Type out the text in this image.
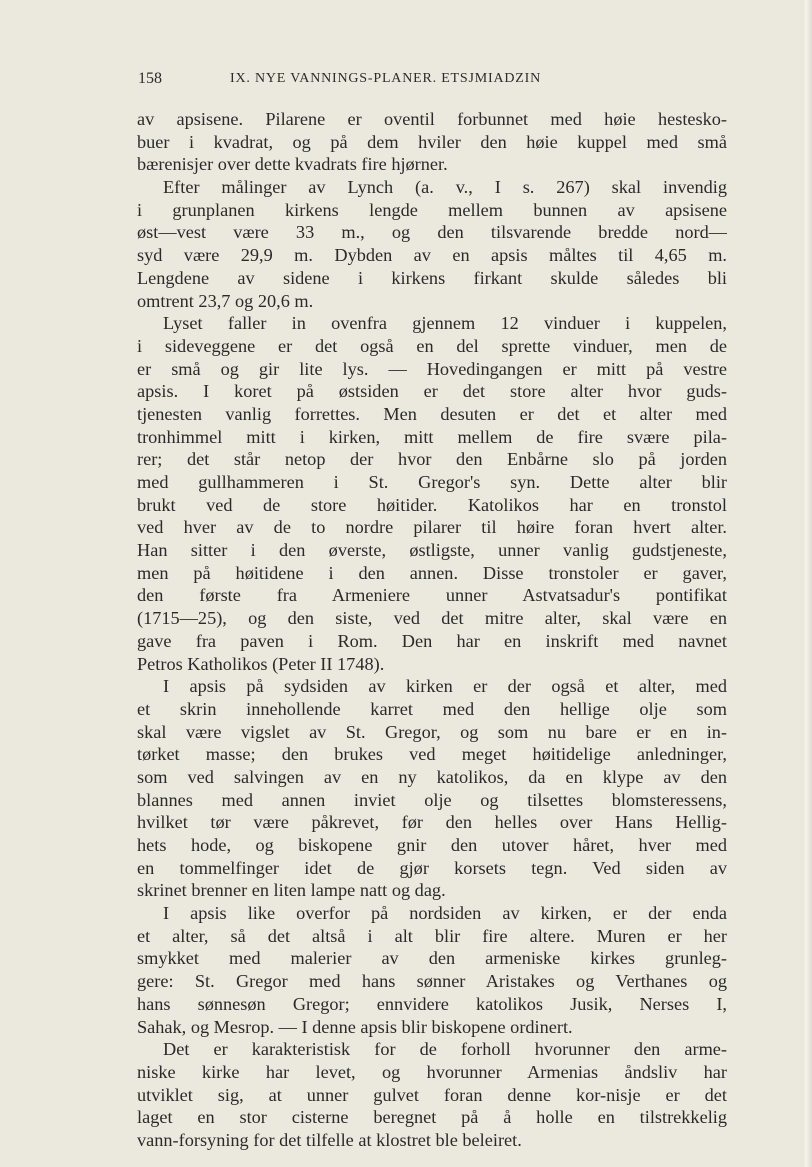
158	IX. NYE VANNINGS-PLANER. ETSJMIADZIN
av apsisene. Pilarene er oventil forbunnet med høie hestesko-
buer i kvadrat, og på dem hviler den høie kuppel med små
bærenisjer over dette kvadrats fire hjørner.
Efter målinger av Lynch (a. v., I s. 267) skal invendig
i grunplanen kirkens lengde mellem bunnen av apsisene
øst—vest være 33 m., og den tilsvarende bredde nord—
syd være 29,9 m. Dybden av en apsis måltes til 4,65 m.
Lengdene av sidene i kirkens firkant skulde således bli
omtrent 23,7 og 20,6 m.
Lyset faller in ovenfra gjennem 12 vinduer i kuppelen,
i sideveggene er det også en del sprette vinduer, men de
er små og gir lite lys. — Hovedingangen er mitt på vestre
apsis. I koret på østsiden er det store alter hvor guds-
tjenesten vanlig forrettes. Men desuten er det et alter med
tronhimmel mitt i kirken, mitt mellem de fire svære pila-
rer; det står netop der hvor den Enbårne slo på jorden
med gullhammeren i St. Gregor's syn. Dette alter blir
brukt ved de store høitider. Katolikos har en tronstol
ved hver av de to nordre pilarer til høire foran hvert alter.
Han sitter i den øverste, østligste, unner vanlig gudstjeneste,
men på høitidene i den annen. Disse tronstoler er gaver,
den første fra Armeniere unner Astvatsadur's pontifikat
(1715—25), og den siste, ved det mitre alter, skal være en
gave fra paven i Rom. Den har en inskrift med navnet
Petros Katholikos (Peter II 1748).
I apsis på sydsiden av kirken er der også et alter, med
et skrin innehollende karret med den hellige olje som
skal være vigslet av St. Gregor, og som nu bare er en in-
tørket masse; den brukes ved meget høitidelige anledninger,
som ved salvingen av en ny katolikos, da en klype av den
blannes med annen inviet olje og tilsettes blomsteressens,
hvilket tør være påkrevet, før den helles over Hans Hellig-
hets hode, og biskopene gnir den utover håret, hver med
en tommelfinger idet de gjør korsets tegn. Ved siden av
skrinet brenner en liten lampe natt og dag.
I apsis like overfor på nordsiden av kirken, er der enda
et alter, så det altså i alt blir fire altere. Muren er her
smykket med malerier av den armeniske kirkes grunleg-
gere: St. Gregor med hans sønner Aristakes og Verthanes og
hans sønnesøn Gregor; ennvidere katolikos Jusik, Nerses I,
Sahak, og Mesrop. — I denne apsis blir biskopene ordinert.
Det er karakteristisk for de forholl hvorunner den arme-
niske kirke har levet, og hvorunner Armenias åndsliv har
utviklet sig, at unner gulvet foran denne kor-nisje er det
laget en stor cisterne beregnet på å holle en tilstrekkelig
vann-forsyning for det tilfelle at klostret ble beleiret.
